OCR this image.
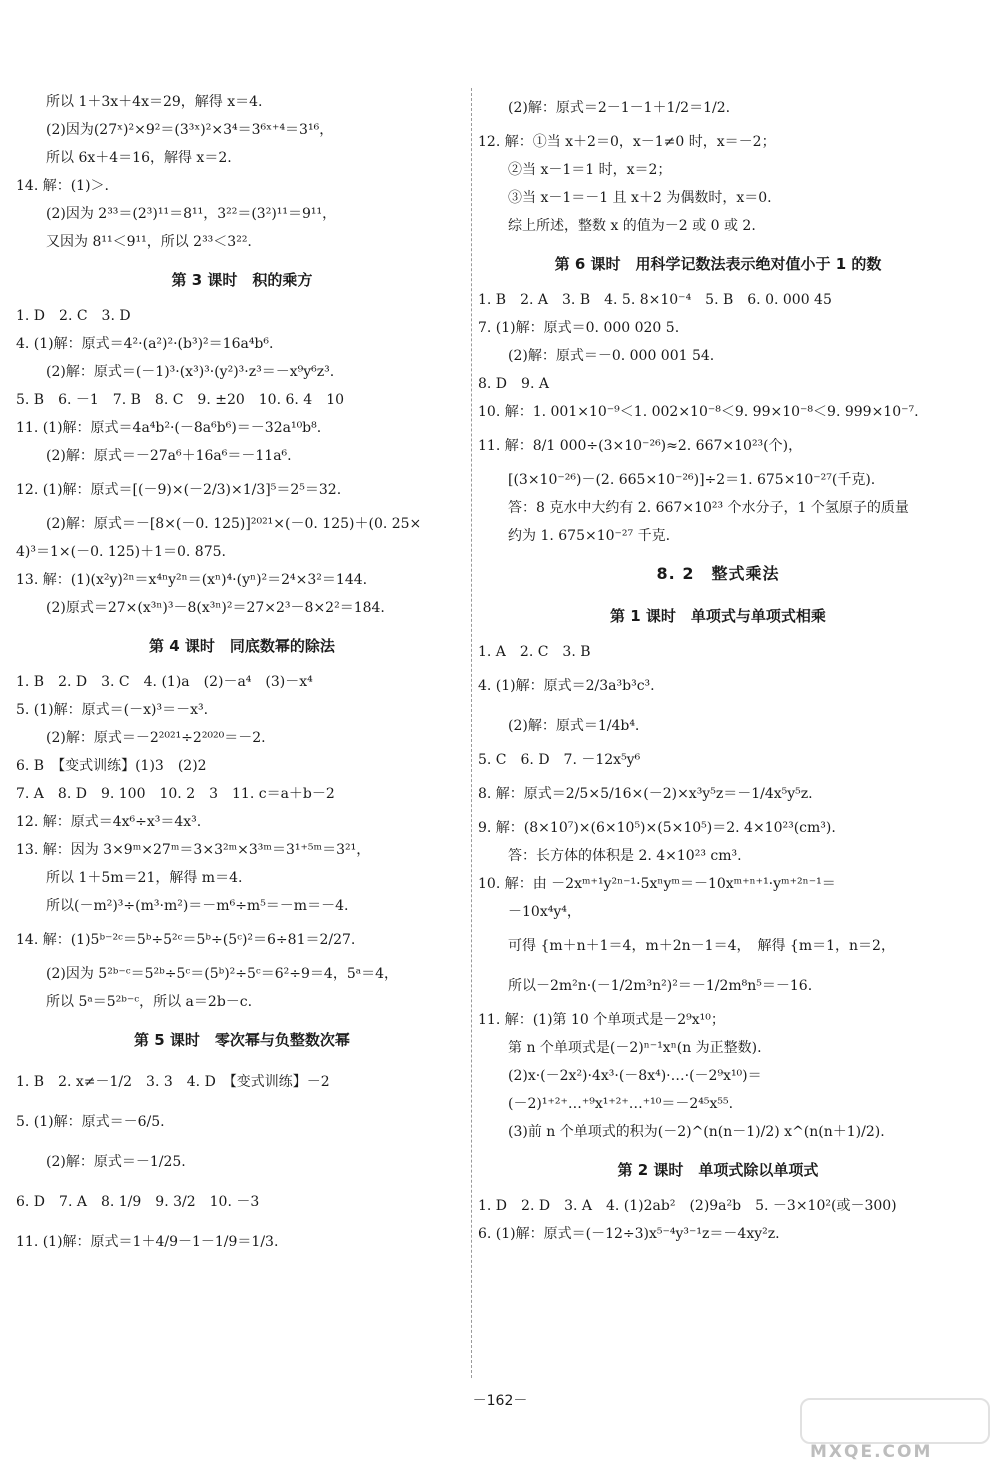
所以 1＋3x＋4x＝29，解得 x＝4.
(2)因为(27ˣ)²×9²＝(3³ˣ)²×3⁴＝3⁶ˣ⁺⁴＝3¹⁶，
所以 6x＋4＝16，解得 x＝2.
14. 解：(1)＞.
(2)因为 2³³＝(2³)¹¹＝8¹¹，3²²＝(3²)¹¹＝9¹¹，
又因为 8¹¹＜9¹¹，所以 2³³＜3²².
第 3 课时　积的乘方
1. D　2. C　3. D
4. (1)解：原式＝4²·(a²)²·(b³)²＝16a⁴b⁶.
(2)解：原式＝(－1)³·(x³)³·(y²)³·z³＝－x⁹y⁶z³.
5. B　6. －1　7. B　8. C　9. ±20　10. 6. 4　10
11. (1)解：原式＝4a⁴b²·(－8a⁶b⁶)＝－32a¹⁰b⁸.
(2)解：原式＝－27a⁶＋16a⁶＝－11a⁶.
12. (1)解：原式＝[(－9)×(－2/3)×1/3]⁵＝2⁵＝32.
(2)解：原式＝－[8×(－0. 125)]²⁰²¹×(－0. 125)＋(0. 25×
4)³＝1×(－0. 125)＋1＝0. 875.
13. 解：(1)(x²y)²ⁿ＝x⁴ⁿy²ⁿ＝(xⁿ)⁴·(yⁿ)²＝2⁴×3²＝144.
(2)原式＝27×(x³ⁿ)³－8(x³ⁿ)²＝27×2³－8×2²＝184.
第 4 课时　同底数幂的除法
1. B　2. D　3. C　4. (1)a　(2)－a⁴　(3)－x⁴
5. (1)解：原式＝(－x)³＝－x³.
(2)解：原式＝－2²⁰²¹÷2²⁰²⁰＝－2.
6. B　【变式训练】(1)3　(2)2
7. A　8. D　9. 100　10. 2　3　11. c＝a＋b－2
12. 解：原式＝4x⁶÷x³＝4x³.
13. 解：因为 3×9ᵐ×27ᵐ＝3×3²ᵐ×3³ᵐ＝3¹⁺⁵ᵐ＝3²¹，
所以 1＋5m＝21，解得 m＝4.
所以(－m²)³÷(m³·m²)＝－m⁶÷m⁵＝－m＝－4.
14. 解：(1)5ᵇ⁻²ᶜ＝5ᵇ÷5²ᶜ＝5ᵇ÷(5ᶜ)²＝6÷81＝2/27.
(2)因为 5²ᵇ⁻ᶜ＝5²ᵇ÷5ᶜ＝(5ᵇ)²÷5ᶜ＝6²÷9＝4，5ᵃ＝4，
所以 5ᵃ＝5²ᵇ⁻ᶜ，所以 a＝2b－c.
第 5 课时　零次幂与负整数次幂
1. B　2. x≠－1/2　3. 3　4. D　【变式训练】－2
5. (1)解：原式＝－6/5.
(2)解：原式＝－1/25.
6. D　7. A　8. 1/9　9. 3/2　10. －3
11. (1)解：原式＝1＋4/9－1－1/9＝1/3.
(2)解：原式＝2－1－1＋1/2＝1/2.
12. 解：①当 x＋2＝0，x－1≠0 时，x＝－2；
②当 x－1＝1 时，x＝2；
③当 x－1＝－1 且 x＋2 为偶数时，x＝0.
综上所述，整数 x 的值为－2 或 0 或 2.
第 6 课时　用科学记数法表示绝对值小于 1 的数
1. B　2. A　3. B　4. 5. 8×10⁻⁴　5. B　6. 0. 000 45
7. (1)解：原式＝0. 000 020 5.
(2)解：原式＝－0. 000 001 54.
8. D　9. A
10. 解：1. 001×10⁻⁹＜1. 002×10⁻⁸＜9. 99×10⁻⁸＜9. 999×10⁻⁷.
11. 解：8/1 000÷(3×10⁻²⁶)≈2. 667×10²³(个)，
[(3×10⁻²⁶)－(2. 665×10⁻²⁶)]÷2＝1. 675×10⁻²⁷(千克).
答：8 克水中大约有 2. 667×10²³ 个水分子，1 个氢原子的质量
约为 1. 675×10⁻²⁷ 千克.
8. 2　整式乘法
第 1 课时　单项式与单项式相乘
1. A　2. C　3. B
4. (1)解：原式＝2/3a³b³c³.
(2)解：原式＝1/4b⁴.
5. C　6. D　7. －12x⁵y⁶
8. 解：原式＝2/5×5/16×(－2)×x³y⁵z＝－1/4x⁵y⁵z.
9. 解：(8×10⁷)×(6×10⁵)×(5×10⁵)＝2. 4×10²³(cm³).
答：长方体的体积是 2. 4×10²³ cm³.
10. 解：由 －2xᵐ⁺¹y²ⁿ⁻¹·5xⁿyᵐ＝－10xᵐ⁺ⁿ⁺¹·yᵐ⁺²ⁿ⁻¹＝
－10x⁴y⁴，
可得 {m＋n＋1＝4，m＋2n－1＝4，　解得 {m＝1，n＝2，
所以－2m²n·(－1/2m³n²)²＝－1/2m⁸n⁵＝－16.
11. 解：(1)第 10 个单项式是－2⁹x¹⁰；
第 n 个单项式是(－2)ⁿ⁻¹xⁿ(n 为正整数).
(2)x·(－2x²)·4x³·(－8x⁴)·…·(－2⁹x¹⁰)＝
(－2)¹⁺²⁺…⁺⁹x¹⁺²⁺…⁺¹⁰＝－2⁴⁵x⁵⁵.
(3)前 n 个单项式的积为(－2)^(n(n－1)/2) x^(n(n＋1)/2).
第 2 课时　单项式除以单项式
1. D　2. D　3. A　4. (1)2ab²　(2)9a²b　5. －3×10²(或－300)
6. (1)解：原式＝(－12÷3)x⁵⁻⁴y³⁻¹z＝－4xy²z.
－162－
MXQE.COM
